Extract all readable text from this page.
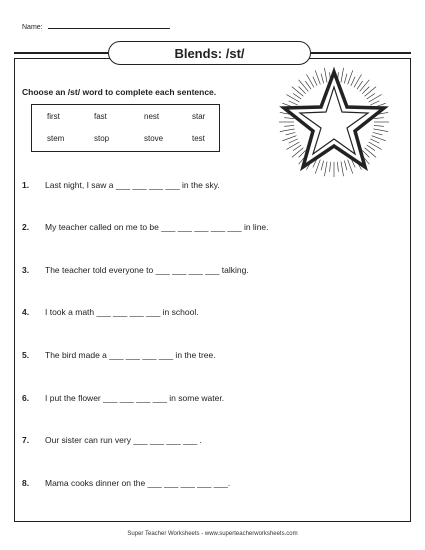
Name:
Blends: /st/
Choose an /st/ word to complete each sentence.
first	fast	nest	star
stem	stop	stove	test
1. Last night, I saw a ___ ___ ___ ___ in the sky.
2. My teacher called on me to be ___ ___ ___ ___ ___ in line.
3. The teacher told everyone to ___ ___ ___ ___ talking.
4. I took a math ___ ___ ___ ___ in school.
5. The bird made a ___ ___ ___ ___ in the tree.
6. I put the flower ___ ___ ___ ___ in some water.
7. Our sister can run very ___ ___ ___ ___ .
8. Mama cooks dinner on the ___ ___ ___ ___ ___.
Super Teacher Worksheets - www.superteacherworksheets.com
